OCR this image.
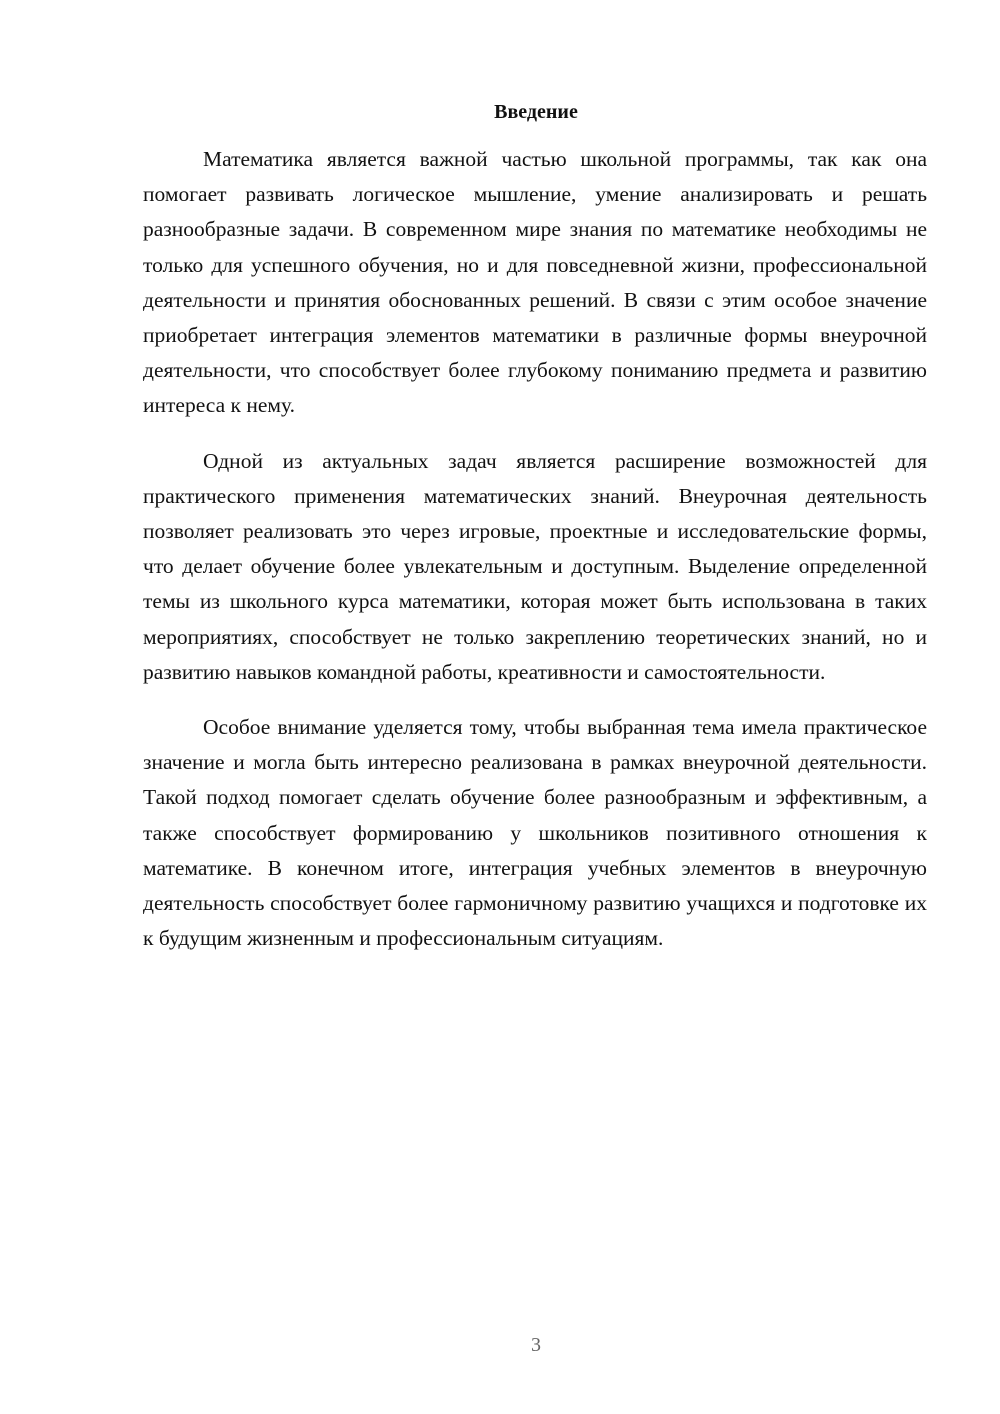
Введение

Математика является важной частью школьной программы, так как она помогает развивать логическое мышление, умение анализировать и решать разнообразные задачи. В современном мире знания по математике необходимы не только для успешного обучения, но и для повседневной жизни, профессиональной деятельности и принятия обоснованных решений. В связи с этим особое значение приобретает интеграция элементов математики в различные формы внеурочной деятельности, что способствует более глубокому пониманию предмета и развитию интереса к нему.

Одной из актуальных задач является расширение возможностей для практического применения математических знаний. Внеурочная деятельность позволяет реализовать это через игровые, проектные и исследовательские формы, что делает обучение более увлекательным и доступным. Выделение определенной темы из школьного курса математики, которая может быть использована в таких мероприятиях, способствует не только закреплению теоретических знаний, но и развитию навыков командной работы, креативности и самостоятельности.

Особое внимание уделяется тому, чтобы выбранная тема имела практическое значение и могла быть интересно реализована в рамках внеурочной деятельности. Такой подход помогает сделать обучение более разнообразным и эффективным, а также способствует формированию у школьников позитивного отношения к математике. В конечном итоге, интеграция учебных элементов в внеурочную деятельность способствует более гармоничному развитию учащихся и подготовке их к будущим жизненным и профессиональным ситуациям.

3
